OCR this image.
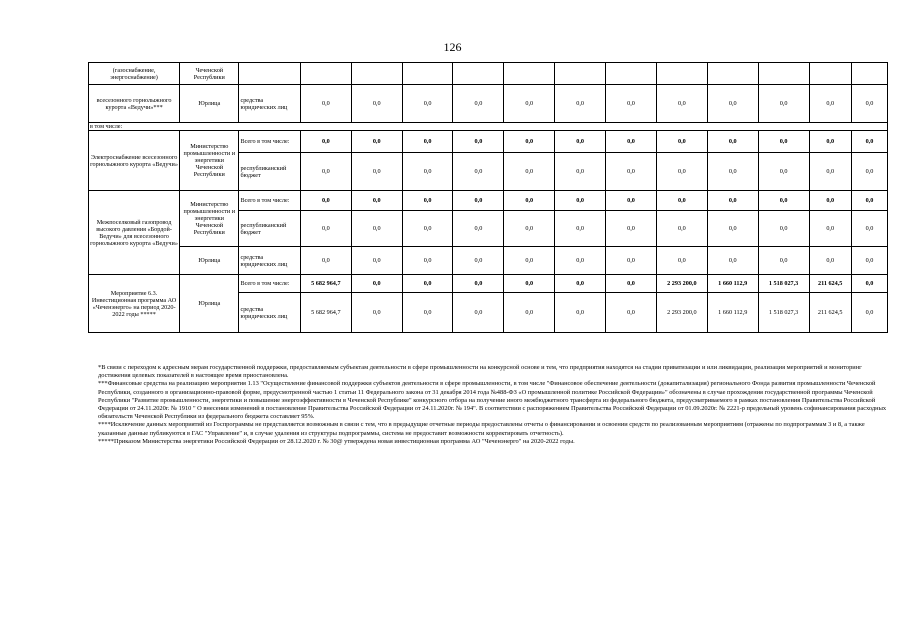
126
(газоснабжение, энергоснабжение)	Чеченской Республики													
всесезонного горнолыжного курорта «Ведучи»***	Юрлица	средства юридических лиц	0,0	0,0	0,0	0,0	0,0	0,0	0,0	0,0	0,0	0,0	0,0	0,0
в том числе:														
Электроснабжение всесезонного горнолыжного курорта «Ведучи»	Министерство промышленности и энергетики Чеченской Республики	Всего в том числе:	0,0	0,0	0,0	0,0	0,0	0,0	0,0	0,0	0,0	0,0	0,0	0,0
		республиканский бюджет	0,0	0,0	0,0	0,0	0,0	0,0	0,0	0,0	0,0	0,0	0,0	0,0
Межпоселковый газопровод высокого давления «Бордой-Ведучи» для всесезонного горнолыжного курорта «Ведучи»	Министерство промышленности и энергетики Чеченской Республики	Всего в том числе:	0,0	0,0	0,0	0,0	0,0	0,0	0,0	0,0	0,0	0,0	0,0	0,0
		республиканский бюджет	0,0	0,0	0,0	0,0	0,0	0,0	0,0	0,0	0,0	0,0	0,0	0,0
	Юрлица	средства юридических лиц	0,0	0,0	0,0	0,0	0,0	0,0	0,0	0,0	0,0	0,0	0,0	0,0
Мероприятие 6.3. Инвестиционная программа АО «Чеченэнерго» на период 2020-2022 годы *****	Юрлица	Всего в том числе:	5 682 964,7	0,0	0,0	0,0	0,0	0,0	0,0	2 293 200,0	1 660 112,9	1 518 027,3	211 624,5	0,0
		средства юридических лиц	5 682 964,7	0,0	0,0	0,0	0,0	0,0	0,0	2 293 200,0	1 660 112,9	1 518 027,3	211 624,5	0,0

*В связи с переходом к адресным мерам государственной поддержки, предоставляемым субъектам деятельности в сфере промышленности на конкурсной основе и тем, что предприятия находятся на стадии приватизации и или ликвидации, реализация мероприятий и мониторинг достижения целевых показателей в настоящее время приостановлена.

***Финансовые средства на реализацию мероприятия 1.13 "Осуществление финансовой поддержки субъектов деятельности в сфере промышленности, в том числе "Финансовое обеспечение деятельности (докапитализация) регионального Фонда развития промышленности Чеченской Республики, созданного в организационно-правовой форме, предусмотренной частью 1 статьи 11 Федерального закона от 31 декабря 2014 года №488-ФЗ «О промышленной политике Российской Федерации»" обозначены в случае прохождения государственной программы Чеченской Республики "Развитие промышленности, энергетики и повышение энергоэффективности в Чеченской Республике" конкурсного отбора на получение иного межбюджетного трансферта из федерального бюджета, предусматриваемого в рамках постановления Правительства Российской Федерации от 24.11.2020г. № 1910 " О внесении изменений в постановление Правительства Российской Федерации от 24.11.2020г. № 194". В соответствии с распоряжением Правительства Российской Федерации от 01.09.2020г. № 2221-р предельный уровень софинансирования расходных обязательств Чеченской Республики из федерального бюджета составляет 95%.

****Исключение данных мероприятий из Госпрограммы не представляется возможным в связи с тем, что в предыдущие отчетные периоды предоставлены отчеты о финансировании и освоении средств по реализованным мероприятиям (отражены по подпрограммам 3 и 8, а также указанные данные публикуются в ГАС "Управление" и, в случае удаления из структуры подпрограммы, система не предоставит возможности корректировать отчетность).

*****Приказом Министерства энергетики Российской Федерации от 28.12.2020 г. № 30@ утверждена новая инвестиционная программа АО "Чеченэнерго" на 2020-2022 годы.
